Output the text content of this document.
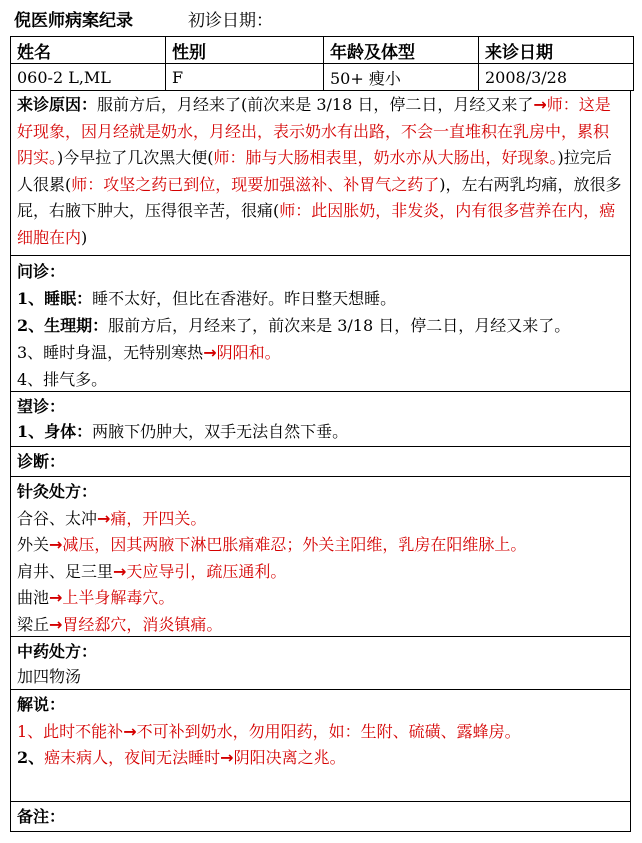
倪医师病案纪录	初诊日期：
姓名	性别	年龄及体型	来诊日期
060-2 L,ML	F	50+ 瘦小	2008/3/28
来诊原因：服前方后，月经来了(前次来是 3/18 日，停二日，月经又来了→师：这是好现象，因月经就是奶水，月经出，表示奶水有出路，不会一直堆积在乳房中，累积阴实。)今早拉了几次黑大便(师：肺与大肠相表里，奶水亦从大肠出，好现象。)拉完后人很累(师：攻坚之药已到位，现要加强滋补、补胃气之药了)，左右两乳均痛，放很多屁，右腋下肿大，压得很辛苦，很痛(师：此因胀奶，非发炎，内有很多营养在内，癌细胞在内)
问诊：
1、睡眠：睡不太好，但比在香港好。昨日整天想睡。
2、生理期：服前方后，月经来了，前次来是 3/18 日，停二日，月经又来了。
3、睡时身温，无特别寒热→阴阳和。
4、排气多。
望诊：
1、身体：两腋下仍肿大，双手无法自然下垂。
诊断：
针灸处方：
合谷、太冲→痛，开四关。
外关→减压，因其两腋下淋巴胀痛难忍；外关主阳维，乳房在阳维脉上。
肩井、足三里→天应导引，疏压通利。
曲池→上半身解毒穴。
梁丘→胃经郄穴，消炎镇痛。
中药处方：
加四物汤
解说：
1、此时不能补→不可补到奶水，勿用阳药，如：生附、硫磺、露蜂房。
2、癌末病人，夜间无法睡时→阴阳决离之兆。
备注：
